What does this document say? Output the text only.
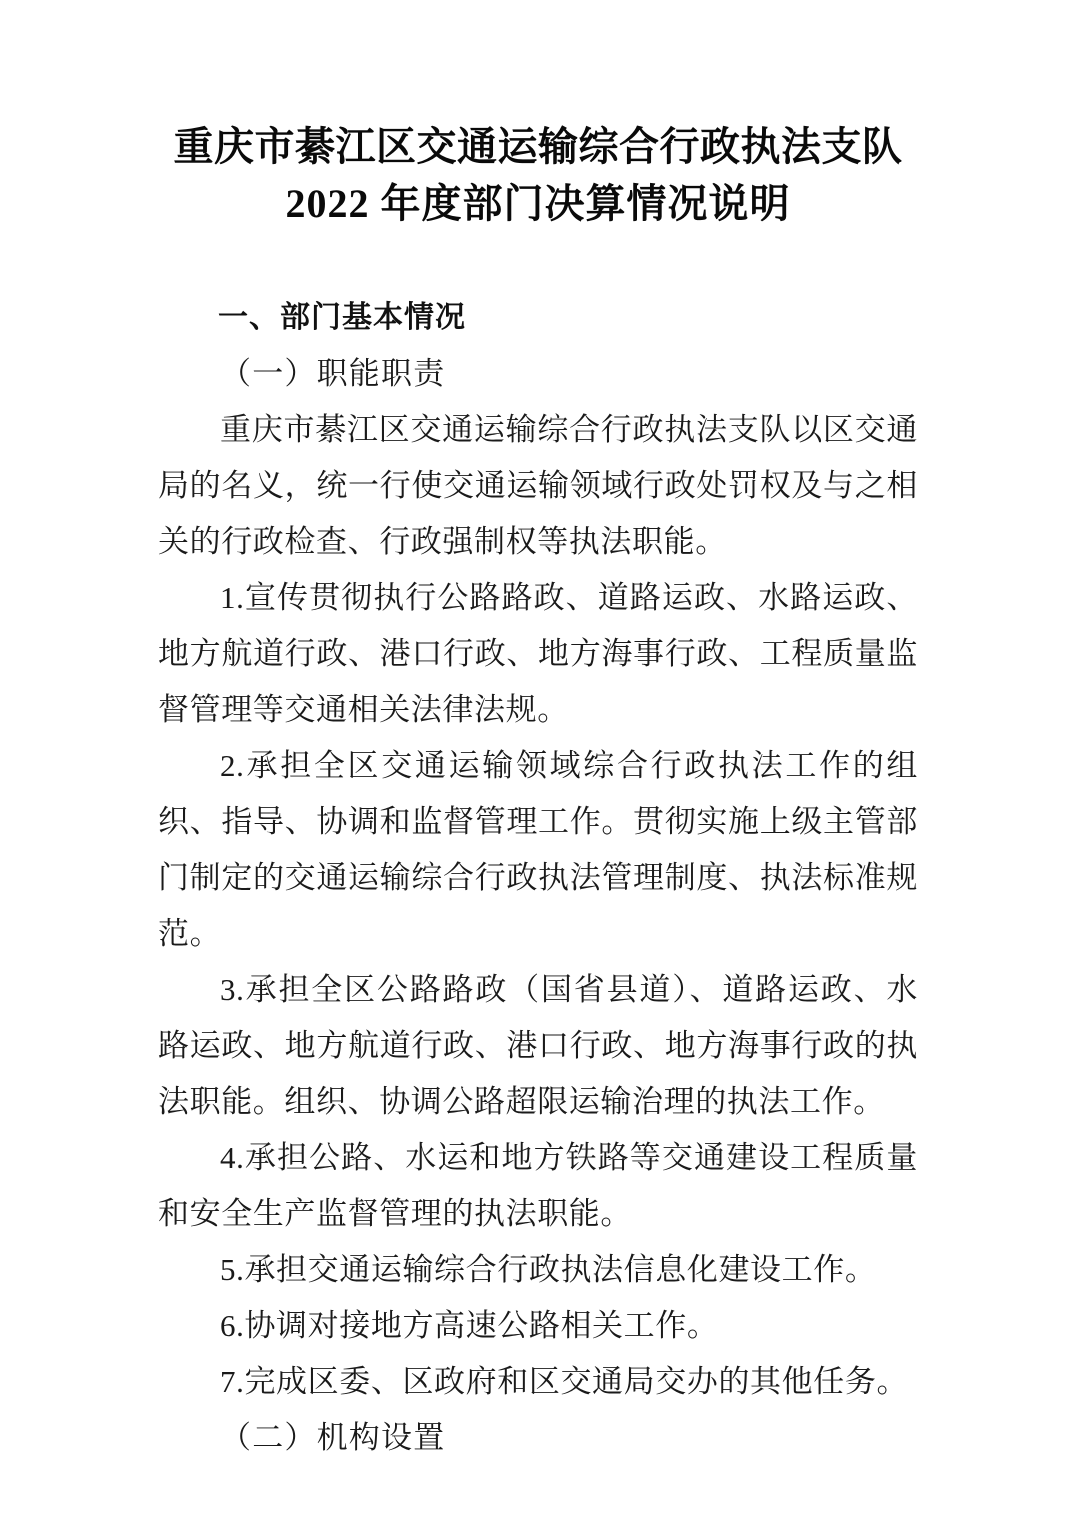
重庆市綦江区交通运输综合行政执法支队
2022 年度部门决算情况说明
一、部门基本情况

（一）职能职责

重庆市綦江区交通运输综合行政执法支队以区交通局的名义，统一行使交通运输领域行政处罚权及与之相关的行政检查、行政强制权等执法职能。

1.宣传贯彻执行公路路政、道路运政、水路运政、地方航道行政、港口行政、地方海事行政、工程质量监督管理等交通相关法律法规。

2.承担全区交通运输领域综合行政执法工作的组织、指导、协调和监督管理工作。贯彻实施上级主管部门制定的交通运输综合行政执法管理制度、执法标准规范。

3.承担全区公路路政（国省县道）、道路运政、水路运政、地方航道行政、港口行政、地方海事行政的执法职能。组织、协调公路超限运输治理的执法工作。

4.承担公路、水运和地方铁路等交通建设工程质量和安全生产监督管理的执法职能。

5.承担交通运输综合行政执法信息化建设工作。

6.协调对接地方高速公路相关工作。

7.完成区委、区政府和区交通局交办的其他任务。

（二）机构设置
